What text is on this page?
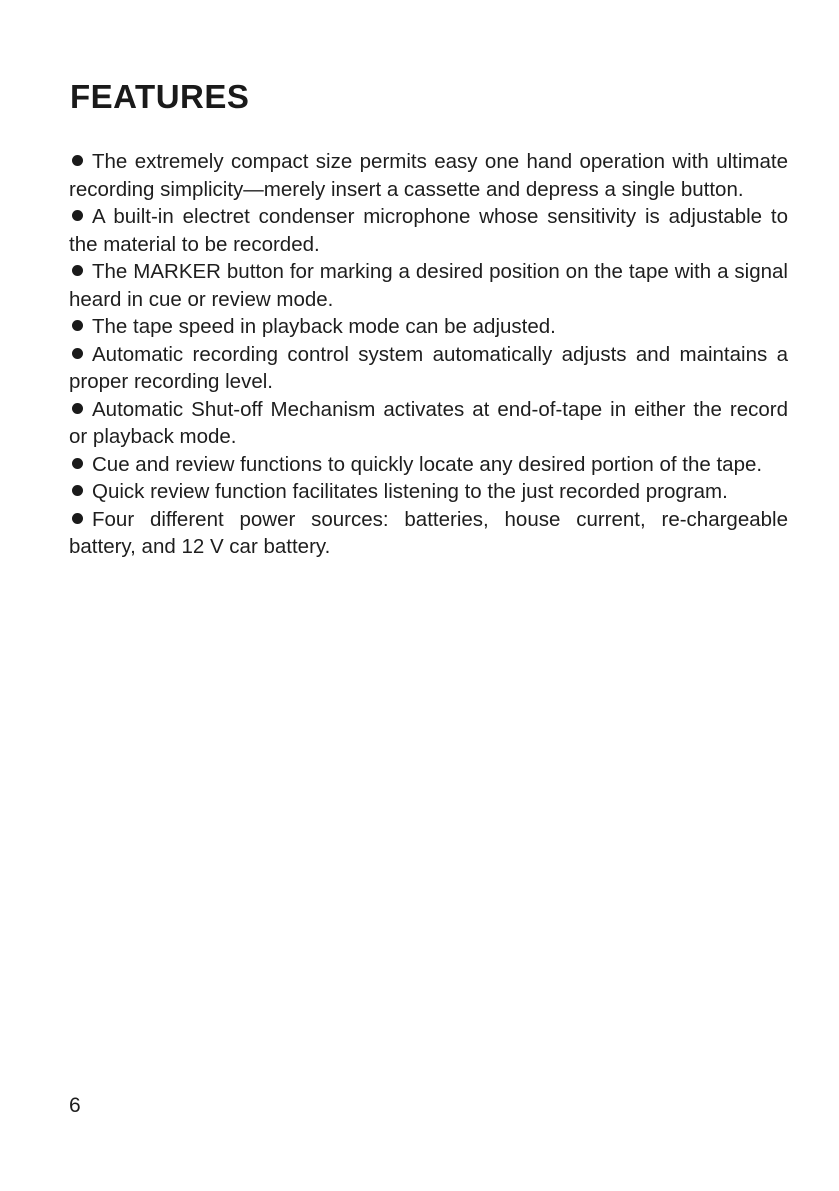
FEATURES
The extremely compact size permits easy one hand operation with ultimate recording simplicity—merely insert a cassette and depress a single button.
A built-in electret condenser microphone whose sensitivity is adjustable to the material to be recorded.
The MARKER button for marking a desired position on the tape with a signal heard in cue or review mode.
The tape speed in playback mode can be adjusted.
Automatic recording control system automatically adjusts and maintains a proper recording level.
Automatic Shut-off Mechanism activates at end-of-tape in either the record or playback mode.
Cue and review functions to quickly locate any desired portion of the tape.
Quick review function facilitates listening to the just recorded program.
Four different power sources: batteries, house current, re-chargeable battery, and 12 V car battery.
6
